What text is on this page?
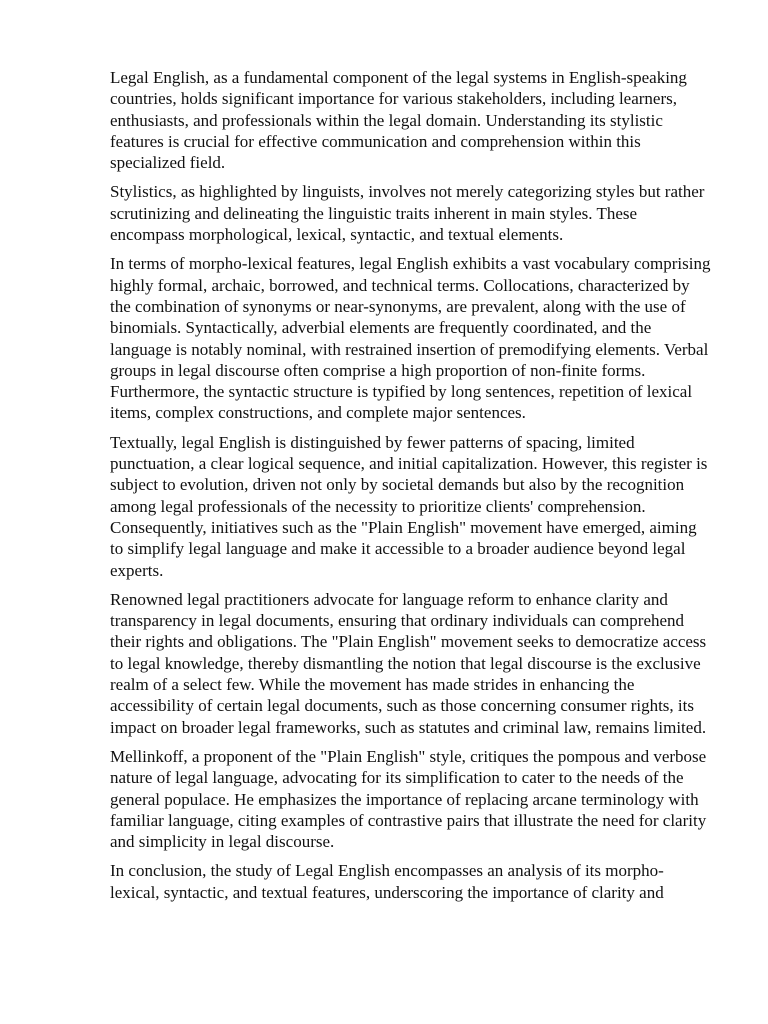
Legal English, as a fundamental component of the legal systems in English-speaking countries, holds significant importance for various stakeholders, including learners, enthusiasts, and professionals within the legal domain. Understanding its stylistic features is crucial for effective communication and comprehension within this specialized field.

Stylistics, as highlighted by linguists, involves not merely categorizing styles but rather scrutinizing and delineating the linguistic traits inherent in main styles. These encompass morphological, lexical, syntactic, and textual elements.

In terms of morpho-lexical features, legal English exhibits a vast vocabulary comprising highly formal, archaic, borrowed, and technical terms. Collocations, characterized by the combination of synonyms or near-synonyms, are prevalent, along with the use of binomials. Syntactically, adverbial elements are frequently coordinated, and the language is notably nominal, with restrained insertion of premodifying elements. Verbal groups in legal discourse often comprise a high proportion of non-finite forms. Furthermore, the syntactic structure is typified by long sentences, repetition of lexical items, complex constructions, and complete major sentences.

Textually, legal English is distinguished by fewer patterns of spacing, limited punctuation, a clear logical sequence, and initial capitalization. However, this register is subject to evolution, driven not only by societal demands but also by the recognition among legal professionals of the necessity to prioritize clients' comprehension. Consequently, initiatives such as the "Plain English" movement have emerged, aiming to simplify legal language and make it accessible to a broader audience beyond legal experts.

Renowned legal practitioners advocate for language reform to enhance clarity and transparency in legal documents, ensuring that ordinary individuals can comprehend their rights and obligations. The "Plain English" movement seeks to democratize access to legal knowledge, thereby dismantling the notion that legal discourse is the exclusive realm of a select few. While the movement has made strides in enhancing the accessibility of certain legal documents, such as those concerning consumer rights, its impact on broader legal frameworks, such as statutes and criminal law, remains limited.

Mellinkoff, a proponent of the "Plain English" style, critiques the pompous and verbose nature of legal language, advocating for its simplification to cater to the needs of the general populace. He emphasizes the importance of replacing arcane terminology with familiar language, citing examples of contrastive pairs that illustrate the need for clarity and simplicity in legal discourse.

In conclusion, the study of Legal English encompasses an analysis of its morpho-lexical, syntactic, and textual features, underscoring the importance of clarity and
